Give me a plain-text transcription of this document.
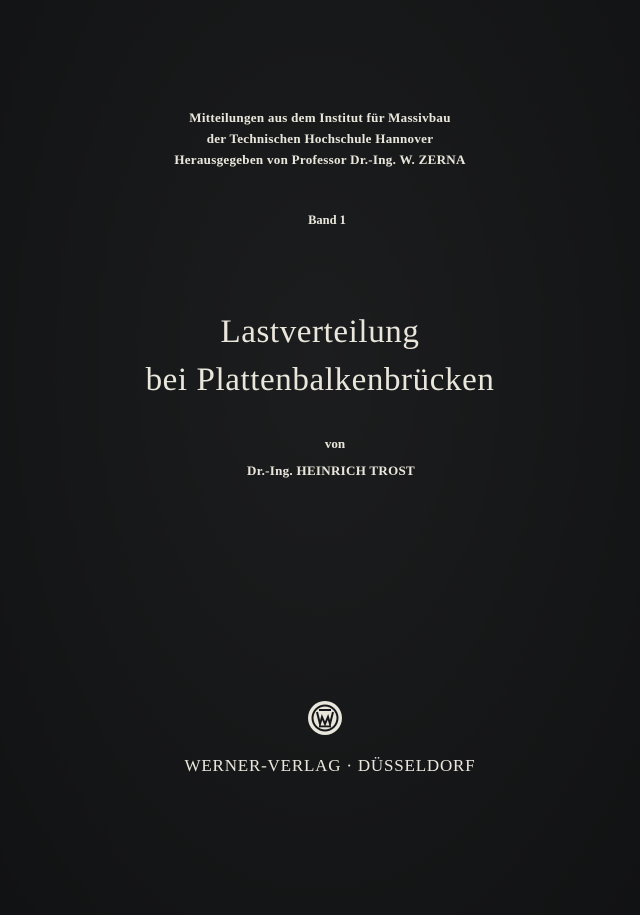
Mitteilungen aus dem Institut für Massivbau
der Technischen Hochschule Hannover
Herausgegeben von Professor Dr.-Ing. W. ZERNA
Band 1
Lastverteilung
bei Plattenbalkenbrücken
von
Dr.-Ing. HEINRICH TROST
WERNER-VERLAG · DÜSSELDORF
